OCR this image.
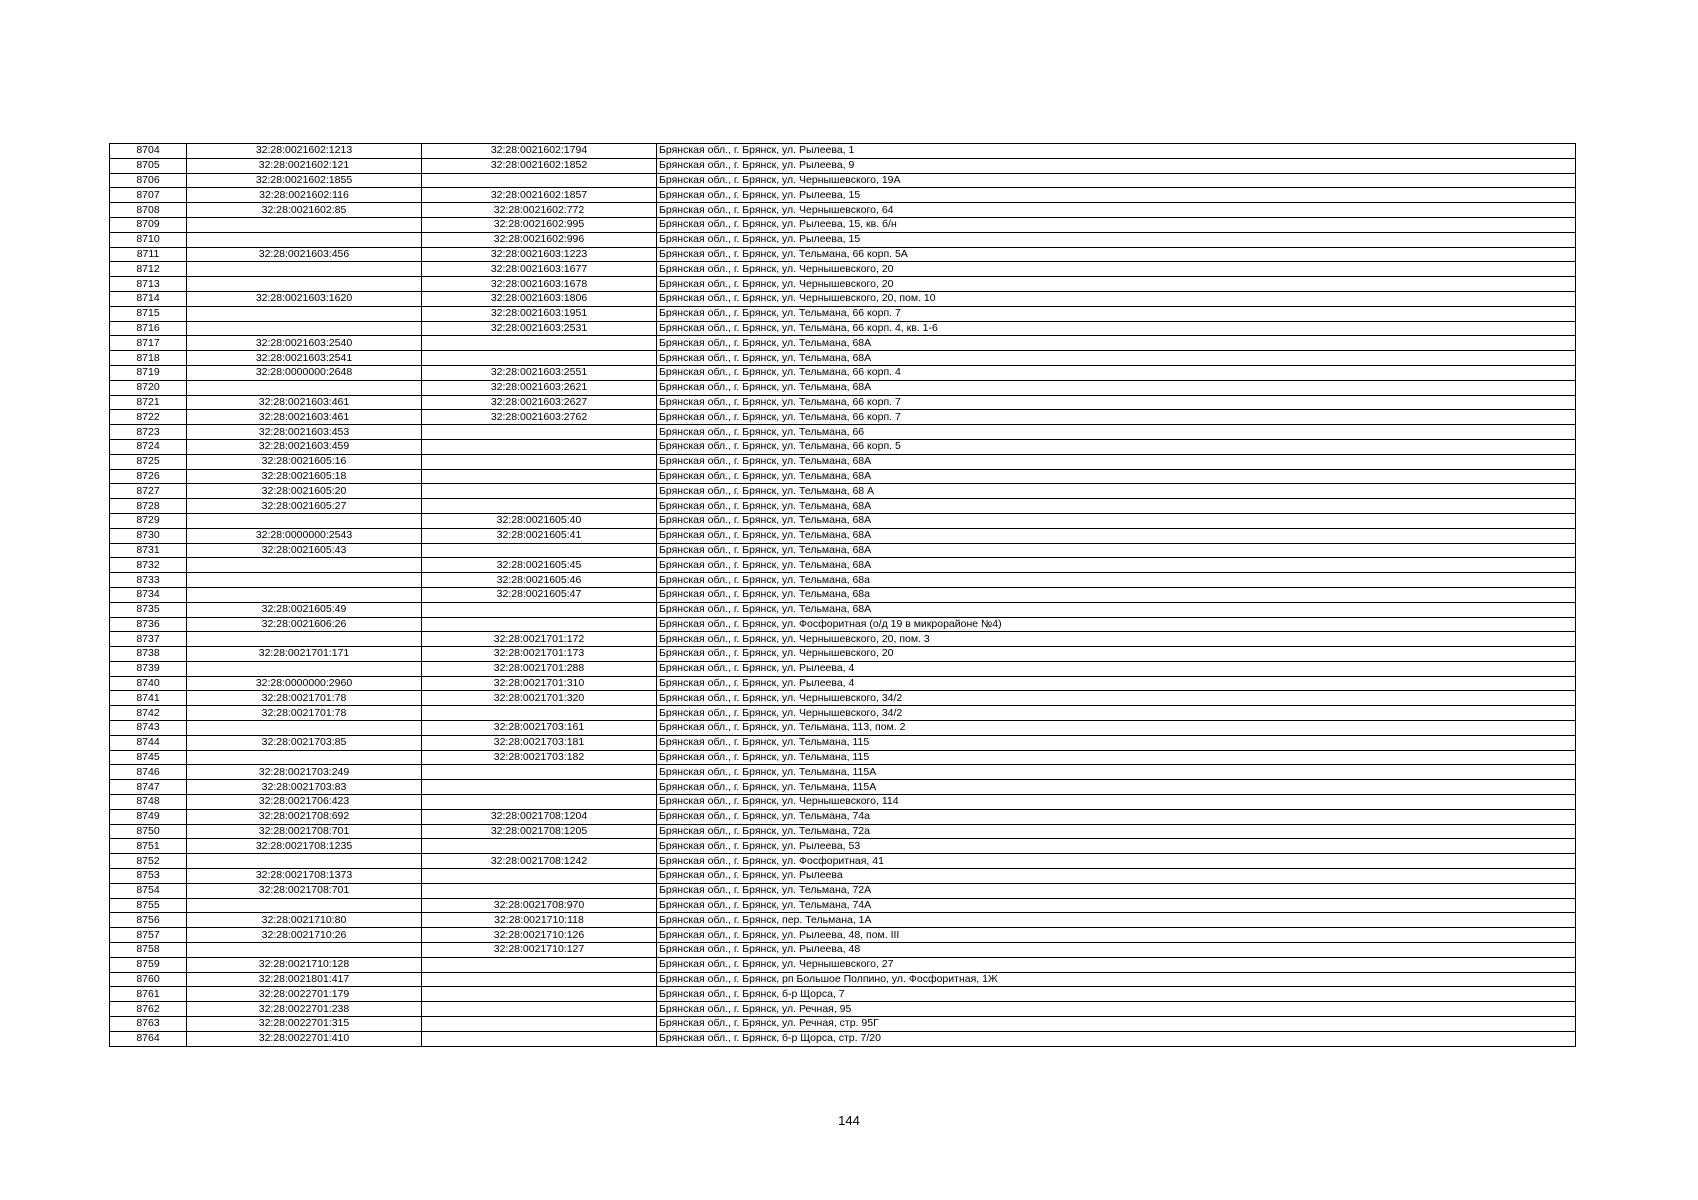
8704	32:28:0021602:1213	32:28:0021602:1794	Брянская обл., г. Брянск, ул. Рылеева, 1
8705	32:28:0021602:121	32:28:0021602:1852	Брянская обл., г. Брянск, ул. Рылеева, 9
8706	32:28:0021602:1855		Брянская обл., г. Брянск, ул. Чернышевского, 19А
8707	32:28:0021602:116	32:28:0021602:1857	Брянская обл., г. Брянск, ул. Рылеева, 15
8708	32:28:0021602:85	32:28:0021602:772	Брянская обл., г. Брянск, ул. Чернышевского, 64
8709		32:28:0021602:995	Брянская обл., г. Брянск, ул. Рылеева, 15, кв. б/н
8710		32:28:0021602:996	Брянская обл., г. Брянск, ул. Рылеева, 15
8711	32:28:0021603:456	32:28:0021603:1223	Брянская обл., г. Брянск, ул. Тельмана, 66 корп. 5А
8712		32:28:0021603:1677	Брянская обл., г. Брянск, ул. Чернышевского, 20
8713		32:28:0021603:1678	Брянская обл., г. Брянск, ул. Чернышевского, 20
8714	32:28:0021603:1620	32:28:0021603:1806	Брянская обл., г. Брянск, ул. Чернышевского, 20, пом. 10
8715		32:28:0021603:1951	Брянская обл., г. Брянск, ул. Тельмана, 66 корп. 7
8716		32:28:0021603:2531	Брянская обл., г. Брянск, ул. Тельмана, 66 корп. 4, кв. 1-6
8717	32:28:0021603:2540		Брянская обл., г. Брянск, ул. Тельмана, 68А
8718	32:28:0021603:2541		Брянская обл., г. Брянск, ул. Тельмана, 68А
8719	32:28:0000000:2648	32:28:0021603:2551	Брянская обл., г. Брянск, ул. Тельмана, 66 корп. 4
8720		32:28:0021603:2621	Брянская обл., г. Брянск, ул. Тельмана, 68А
8721	32:28:0021603:461	32:28:0021603:2627	Брянская обл., г. Брянск, ул. Тельмана, 66 корп. 7
8722	32:28:0021603:461	32:28:0021603:2762	Брянская обл., г. Брянск, ул. Тельмана, 66 корп. 7
8723	32:28:0021603:453		Брянская обл., г. Брянск, ул. Тельмана, 66
8724	32:28:0021603:459		Брянская обл., г. Брянск, ул. Тельмана, 66 корп. 5
8725	32:28:0021605:16		Брянская обл., г. Брянск, ул. Тельмана, 68А
8726	32:28:0021605:18		Брянская обл., г. Брянск, ул. Тельмана, 68А
8727	32:28:0021605:20		Брянская обл., г. Брянск, ул. Тельмана, 68 А
8728	32:28:0021605:27		Брянская обл., г. Брянск, ул. Тельмана, 68А
8729		32:28:0021605:40	Брянская обл., г. Брянск, ул. Тельмана, 68А
8730	32:28:0000000:2543	32:28:0021605:41	Брянская обл., г. Брянск, ул. Тельмана, 68А
8731	32:28:0021605:43		Брянская обл., г. Брянск, ул. Тельмана, 68А
8732		32:28:0021605:45	Брянская обл., г. Брянск, ул. Тельмана, 68А
8733		32:28:0021605:46	Брянская обл., г. Брянск, ул. Тельмана, 68а
8734		32:28:0021605:47	Брянская обл., г. Брянск, ул. Тельмана, 68а
8735	32:28:0021605:49		Брянская обл., г. Брянск, ул. Тельмана, 68А
8736	32:28:0021606:26		Брянская обл., г. Брянск, ул. Фосфоритная (о/д 19 в микрорайоне №4)
8737		32:28:0021701:172	Брянская обл., г. Брянск, ул. Чернышевского, 20, пом. 3
8738	32:28:0021701:171	32:28:0021701:173	Брянская обл., г. Брянск, ул. Чернышевского, 20
8739		32:28:0021701:288	Брянская обл., г. Брянск, ул. Рылеева, 4
8740	32:28:0000000:2960	32:28:0021701:310	Брянская обл., г. Брянск, ул. Рылеева, 4
8741	32:28:0021701:78	32:28:0021701:320	Брянская обл., г. Брянск, ул. Чернышевского, 34/2
8742	32:28:0021701:78		Брянская обл., г. Брянск, ул. Чернышевского, 34/2
8743		32:28:0021703:161	Брянская обл., г. Брянск, ул. Тельмана, 113, пом. 2
8744	32:28:0021703:85	32:28:0021703:181	Брянская обл., г. Брянск, ул. Тельмана, 115
8745		32:28:0021703:182	Брянская обл., г. Брянск, ул. Тельмана, 115
8746	32:28:0021703:249		Брянская обл., г. Брянск, ул. Тельмана, 115А
8747	32:28:0021703:83		Брянская обл., г. Брянск, ул. Тельмана, 115А
8748	32:28:0021706:423		Брянская обл., г. Брянск, ул. Чернышевского, 114
8749	32:28:0021708:692	32:28:0021708:1204	Брянская обл., г. Брянск, ул. Тельмана, 74а
8750	32:28:0021708:701	32:28:0021708:1205	Брянская обл., г. Брянск, ул. Тельмана, 72а
8751	32:28:0021708:1235		Брянская обл., г. Брянск, ул. Рылеева, 53
8752		32:28:0021708:1242	Брянская обл., г. Брянск, ул. Фосфоритная, 41
8753	32:28:0021708:1373		Брянская обл., г. Брянск, ул. Рылеева
8754	32:28:0021708:701		Брянская обл., г. Брянск, ул. Тельмана, 72А
8755		32:28:0021708:970	Брянская обл., г. Брянск, ул. Тельмана, 74А
8756	32:28:0021710:80	32:28:0021710:118	Брянская обл., г. Брянск, пер. Тельмана, 1А
8757	32:28:0021710:26	32:28:0021710:126	Брянская обл., г. Брянск, ул. Рылеева, 48, пом. III
8758		32:28:0021710:127	Брянская обл., г. Брянск, ул. Рылеева, 48
8759	32:28:0021710:128		Брянская обл., г. Брянск, ул. Чернышевского, 27
8760	32:28:0021801:417		Брянская обл., г. Брянск, рп Большое Полпино, ул. Фосфоритная, 1Ж
8761	32:28:0022701:179		Брянская обл., г. Брянск, б-р Щорса, 7
8762	32:28:0022701:238		Брянская обл., г. Брянск, ул. Речная, 95
8763	32:28:0022701:315		Брянская обл., г. Брянск, ул. Речная, стр. 95Г
8764	32:28:0022701:410		Брянская обл., г. Брянск, б-р Щорса, стр. 7/20
144
